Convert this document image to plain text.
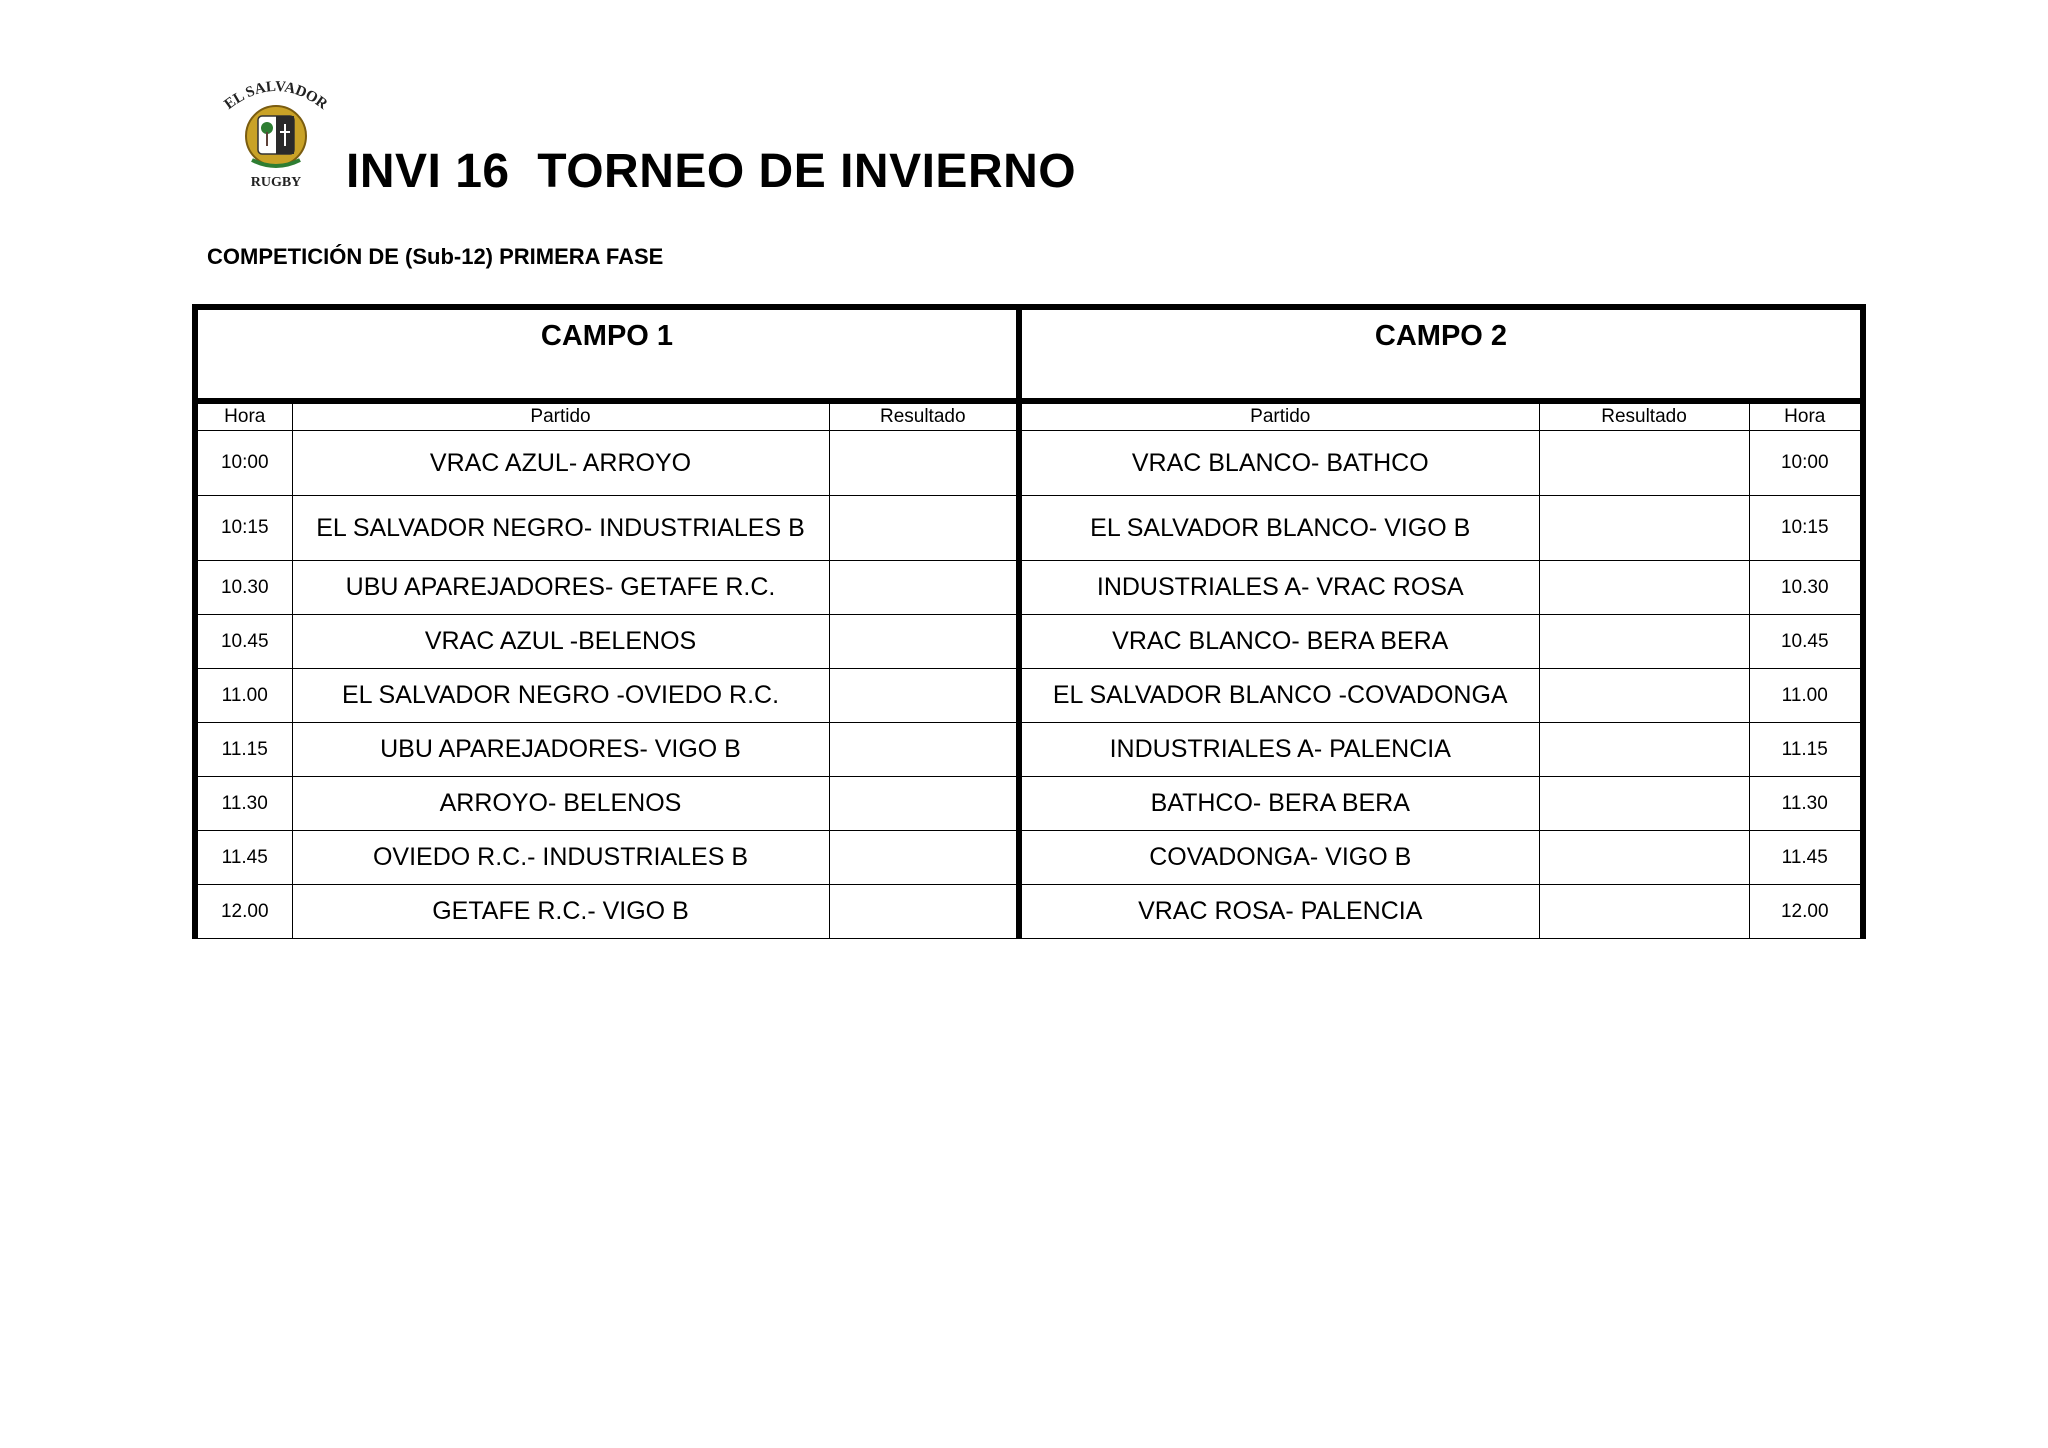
EL SALVADOR
RUGBY INVI 16  TORNEO DE INVIERNO
COMPETICIÓN DE (Sub-12) PRIMERA FASE
CAMPO 1			CAMPO 2		
Hora	Partido	Resultado	Partido	Resultado	Hora
10:00	VRAC AZUL- ARROYO		VRAC BLANCO- BATHCO		10:00
10:15	EL SALVADOR NEGRO- INDUSTRIALES B		EL SALVADOR BLANCO- VIGO B		10:15
10.30	UBU APAREJADORES- GETAFE R.C.		INDUSTRIALES A- VRAC ROSA		10.30
10.45	VRAC AZUL -BELENOS		VRAC BLANCO- BERA BERA		10.45
11.00	EL SALVADOR NEGRO -OVIEDO R.C.		EL SALVADOR BLANCO -COVADONGA		11.00
11.15	UBU APAREJADORES- VIGO B		INDUSTRIALES A- PALENCIA		11.15
11.30	ARROYO- BELENOS		BATHCO- BERA BERA		11.30
11.45	OVIEDO R.C.- INDUSTRIALES B		COVADONGA- VIGO B		11.45
12.00	GETAFE R.C.- VIGO B		VRAC ROSA- PALENCIA		12.00
